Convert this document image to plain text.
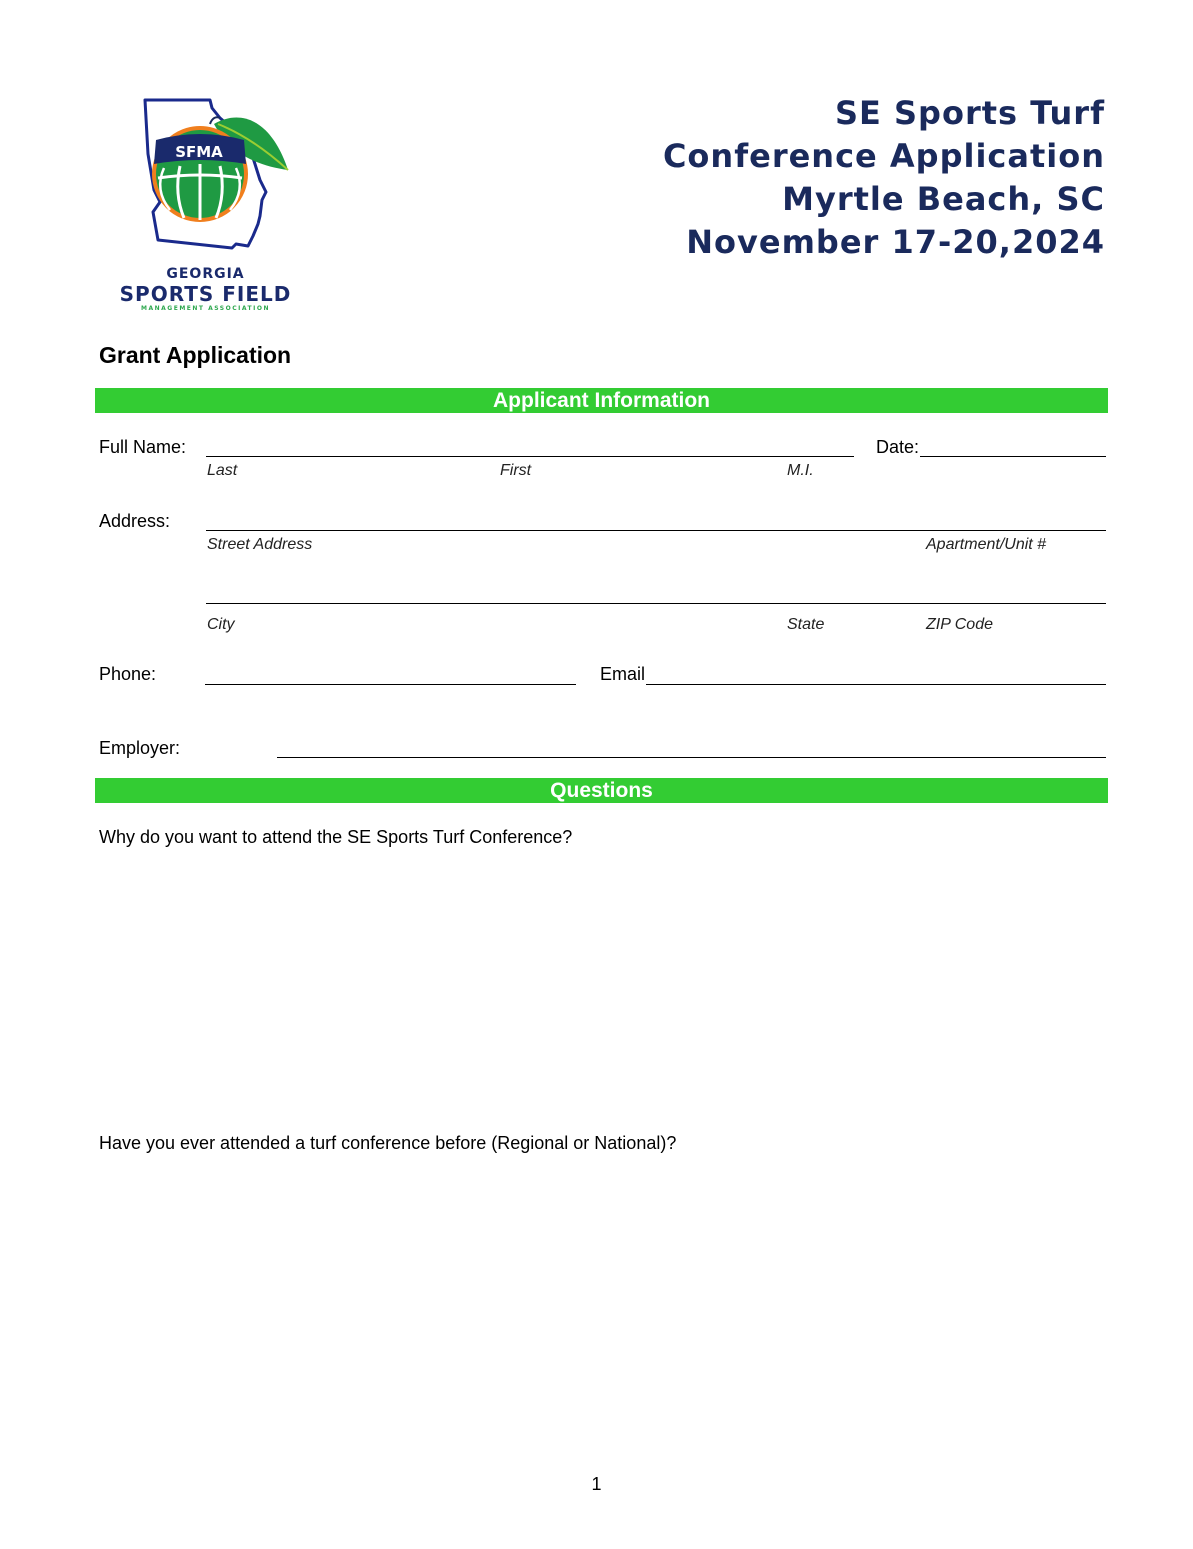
SFMA
GEORGIA
SPORTS FIELD
MANAGEMENT ASSOCIATION
SE Sports Turf
Conference Application
Myrtle Beach, SC
November 17-20,2024
Grant Application
Applicant Information
Full Name:
Last	First	M.I.
Date:
Address:
Street Address	Apartment/Unit #
City	State	ZIP Code
Phone:	Email
Employer:
Questions
Why do you want to attend the SE Sports Turf Conference?
Have you ever attended a turf conference before (Regional or National)?
1
